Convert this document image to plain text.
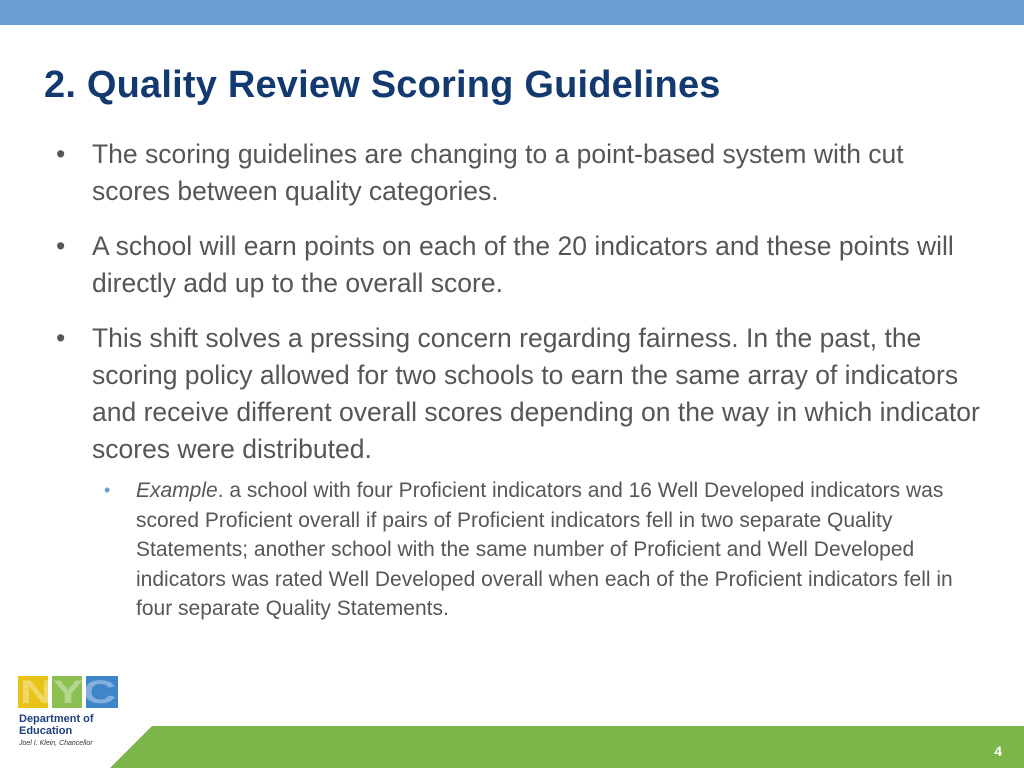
2. Quality Review Scoring Guidelines
• The scoring guidelines are changing to a point-based system with cut scores between quality categories.
• A school will earn points on each of the 20 indicators and these points will directly add up to the overall score.
• This shift solves a pressing concern regarding fairness. In the past, the scoring policy allowed for two schools to earn the same array of indicators and receive different overall scores depending on the way in which indicator scores were distributed.
• Example. a school with four Proficient indicators and 16 Well Developed indicators was scored Proficient overall if pairs of Proficient indicators fell in two separate Quality Statements; another school with the same number of Proficient and Well Developed indicators was rated Well Developed overall when each of the Proficient indicators fell in four separate Quality Statements.
NYC
Department of
Education
Joel I. Klein, Chancellor	4
